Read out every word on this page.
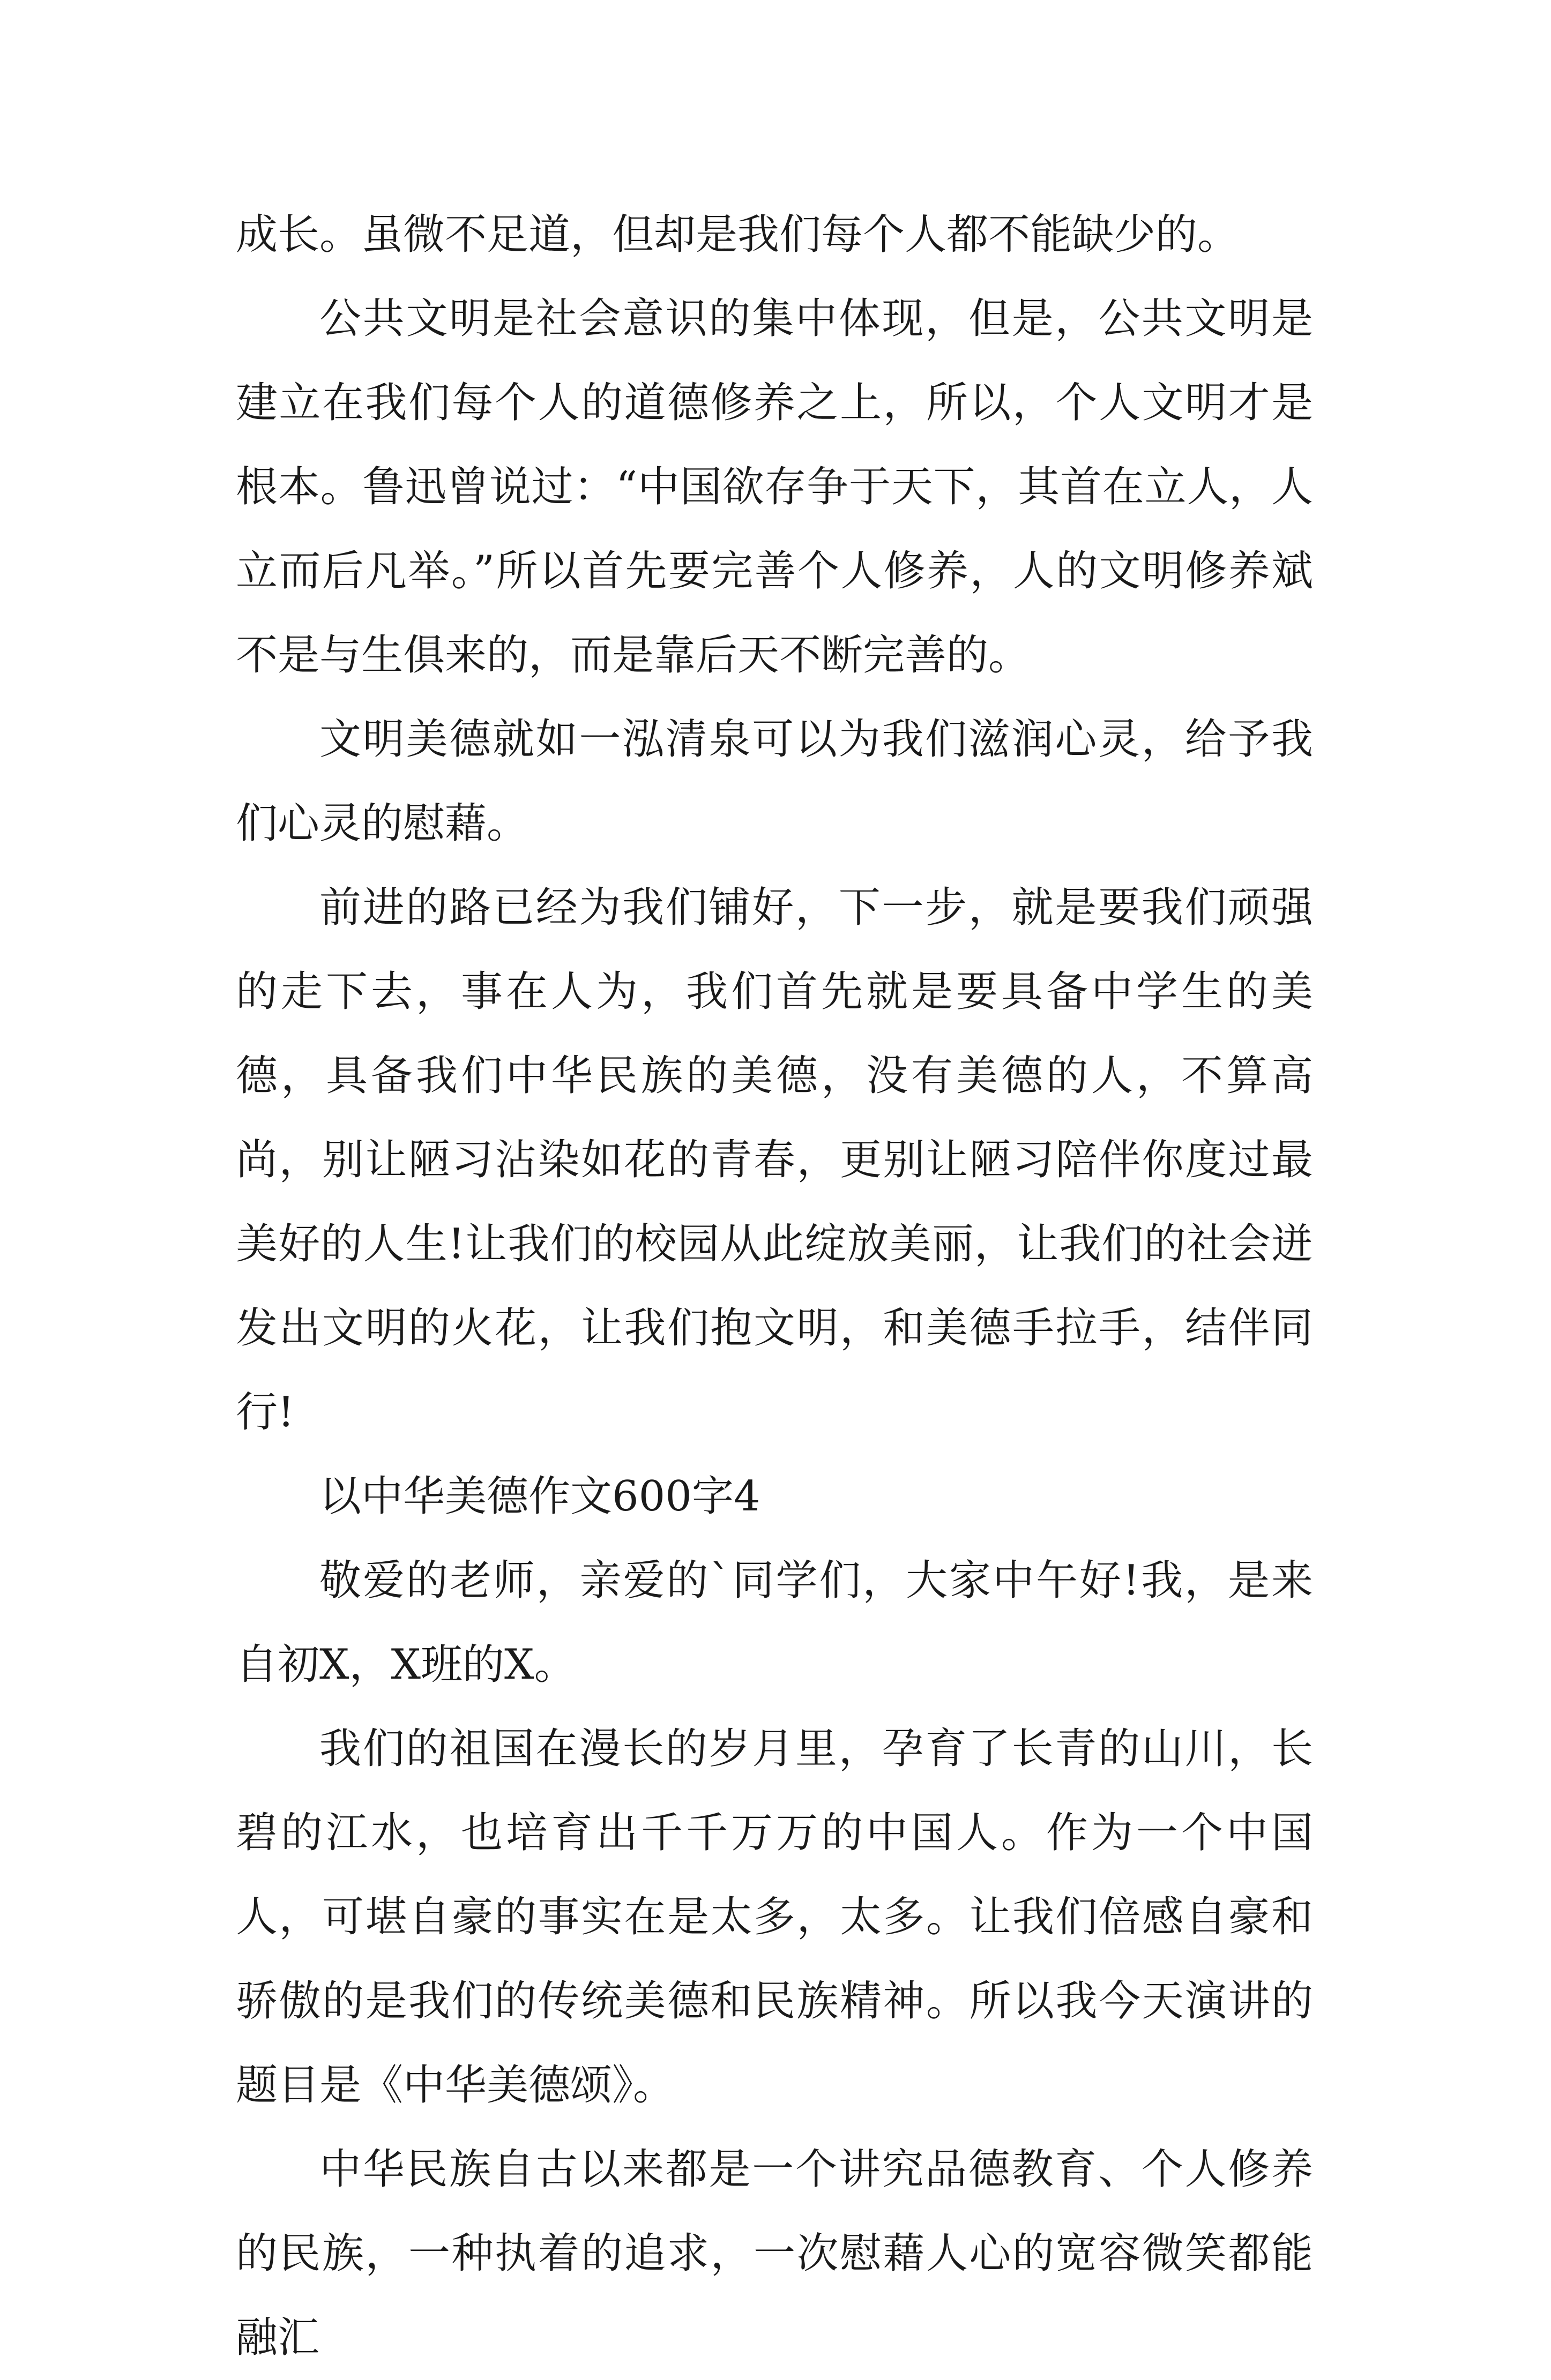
成长。虽微不足道，但却是我们每个人都不能缺少的。

公共文明是社会意识的集中体现，但是，公共文明是建立在我们每个人的道德修养之上，所以，个人文明才是根本。鲁迅曾说过：“中国欲存争于天下，其首在立人，人立而后凡举。”所以首先要完善个人修养，人的文明修养斌不是与生俱来的，而是靠后天不断完善的。

文明美德就如一泓清泉可以为我们滋润心灵，给予我们心灵的慰藉。

前进的路已经为我们铺好，下一步，就是要我们顽强的走下去，事在人为，我们首先就是要具备中学生的美德，具备我们中华民族的美德，没有美德的人，不算高尚，别让陋习沾染如花的青春，更别让陋习陪伴你度过最美好的人生!让我们的校园从此绽放美丽，让我们的社会迸发出文明的火花，让我们抱文明，和美德手拉手，结伴同行!

以中华美德作文600字4

敬爱的老师，亲爱的`同学们，大家中午好!我，是来自初X，X班的X。

我们的祖国在漫长的岁月里，孕育了长青的山川，长碧的江水，也培育出千千万万的中国人。作为一个中国人，可堪自豪的事实在是太多，太多。让我们倍感自豪和骄傲的是我们的传统美德和民族精神。所以我今天演讲的题目是《中华美德颂》。

中华民族自古以来都是一个讲究品德教育、个人修养的民族，一种执着的追求，一次慰藉人心的宽容微笑都能融汇
